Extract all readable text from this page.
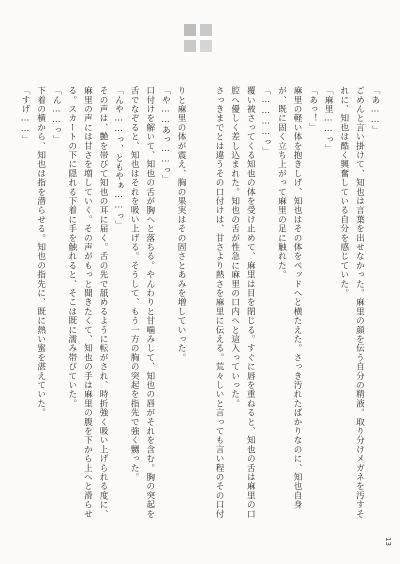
「あ……」

ごめんと言い掛けて、知也は言葉を出せなかった。麻里の顔を伝う自分の精液。取り分けメガネを汚すそれに、知也は酷く興奮している自分を感じていた。

「麻里……っ」

「あっ！」

麻里の軽い体を抱きしげ、知也はその体をベッドへと横たえた。さっき汚れたばかりなのに、知也自身が、既に固く立ち上がって麻里の足に触れた。

「…………っ」

覆い被さってくる知也の体を受け止めて、麻里は目を閉じる。すぐに唇を重ねると、知也の舌は麻里の口腔へ優しく差し込まれた。知也の舌が性急に麻里の口内へと這入っていった。

さっきまでとは違うその口付けは、甘さより熱さを麻里に伝える。荒々しいと言っても言い程のその口付

りと麻里の体が震え、胸の果実はその固さとあみを増していった。

「や……あっ……っ」

口付けを解いて、知也の舌が胸へと落ちる。やんわりと甘噛みして、知也の唇がそれを含む。胸の突起を舌でなぞると、知也はそれを吸い上げる。そうして、もう一方の胸の突起を指先で強く嬲った。

「んや……っ、ともやぁ……っ」

その声は、艶を帯びて知也の耳に届く。舌の先で舐めるように転がされ、時折強く吸い上げられる度に、麻里の声には甘さを増していく。その声がもっと聞きたくて、知也の手は麻里の腹を下から上へと滑らせる。スカートの下に隠れる下着に手を触れると、そこは既に濡み帯びていた。

「ん……っ」

下着の横から、知也は指を潜らせる。知也の指先に、既に熱い蜜を湛えていた。

「すげ……」

13
